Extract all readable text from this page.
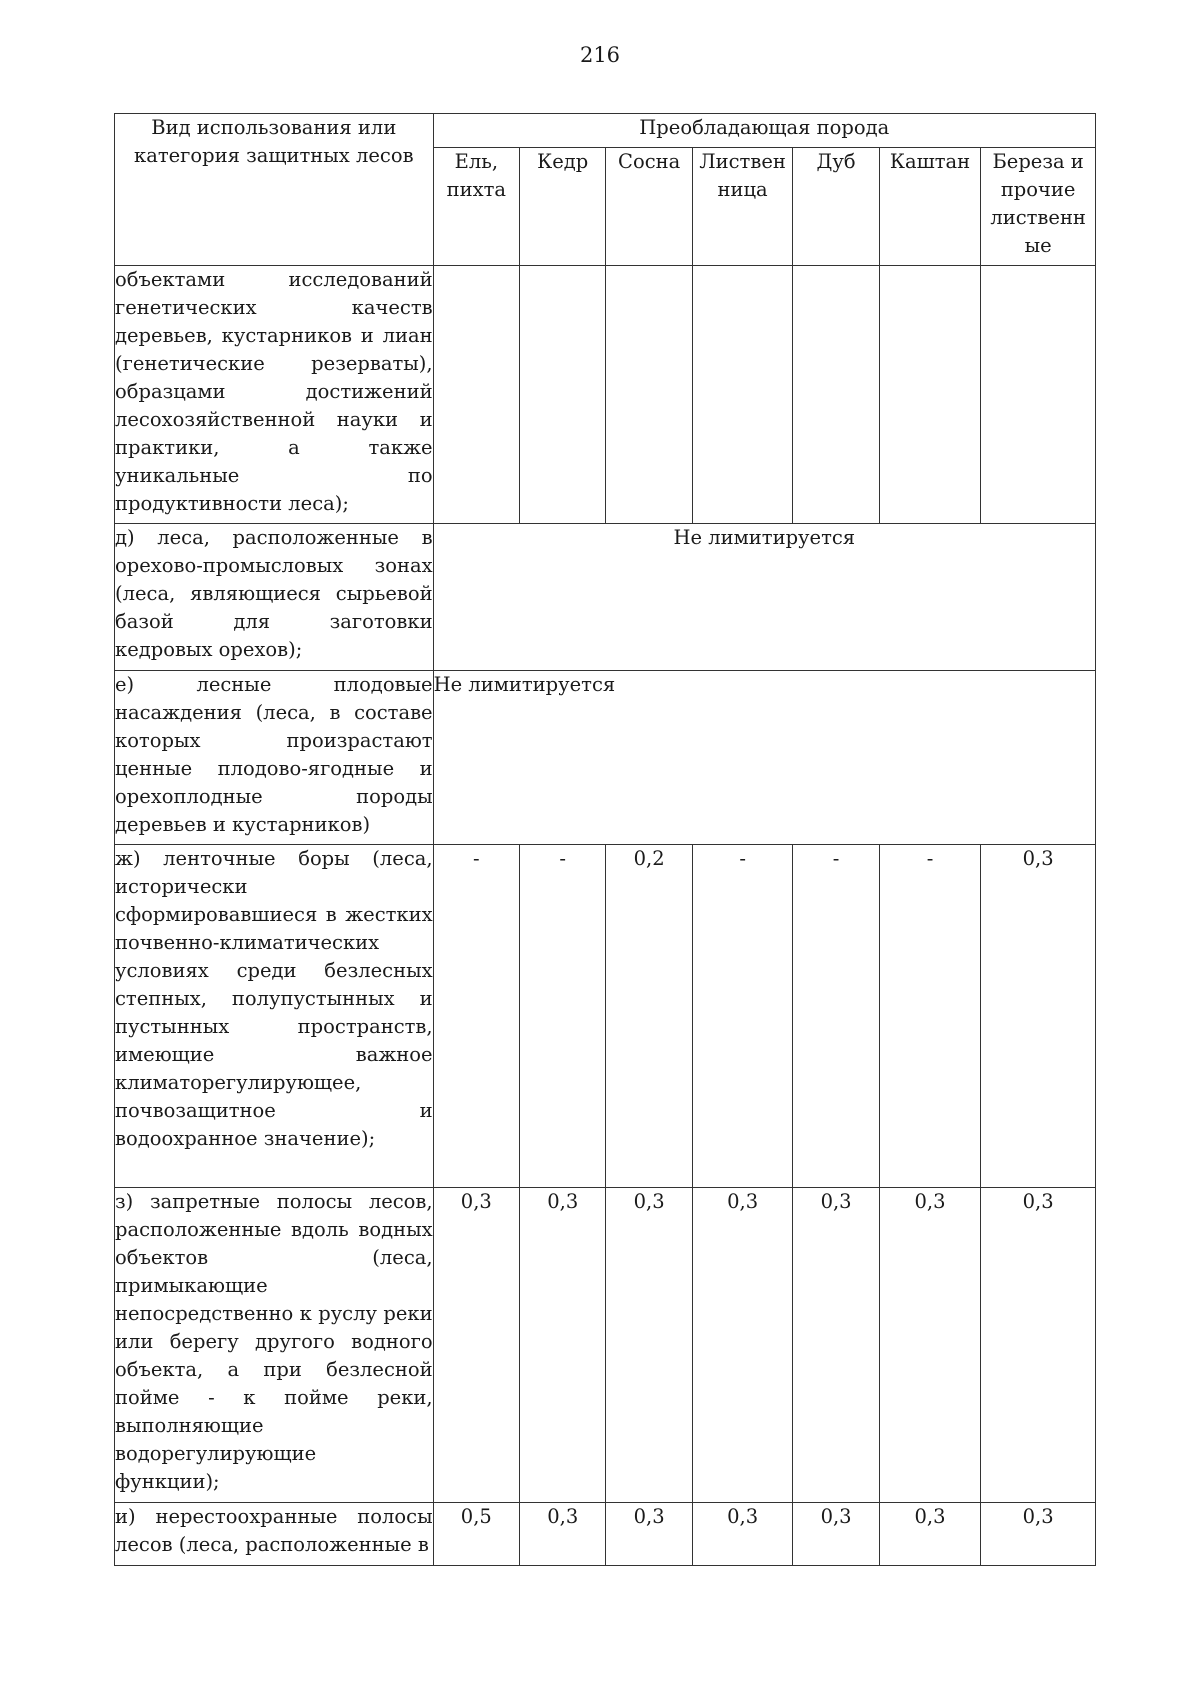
216
Вид использования или категория защитных лесов	Преобладающая порода						
	Ель, пихта	Кедр	Сосна	Листвен ница	Дуб	Каштан	Береза и прочие лиственн ые
объектами исследований генетических качеств деревьев, кустарников и лиан (генетические резерваты), образцами достижений лесохозяйственной науки и практики, а также уникальные по
продуктивности леса);							

д) леса, расположенные в орехово-промысловых зонах (леса, являющиеся сырьевой базой для заготовки
кедровых орехов);	Не лимитируется						
е) лесные плодовые насаждения (леса, в составе которых произрастают ценные плодово-ягодные и орехоплодные породы
деревьев и кустарников)	Не лимитируется						
ж) ленточные боры (леса, исторически сформировавшиеся в жестких почвенно-климатических условиях среди безлесных степных, полупустынных и пустынных пространств, имеющие важное климаторегулирующее, почвозащитное и
водоохранное значение);	-	-	0,2	-	-	-	0,3
з) запретные полосы лесов, расположенные вдоль водных объектов (леса, примыкающие непосредственно к руслу реки или берегу другого водного объекта, а при безлесной пойме - к пойме реки, выполняющие водорегулирующие
функции);	0,3	0,3	0,3	0,3	0,3	0,3	0,3
и) нерестоохранные полосы
лесов (леса, расположенные в	0,5	0,3	0,3	0,3	0,3	0,3	0,3
